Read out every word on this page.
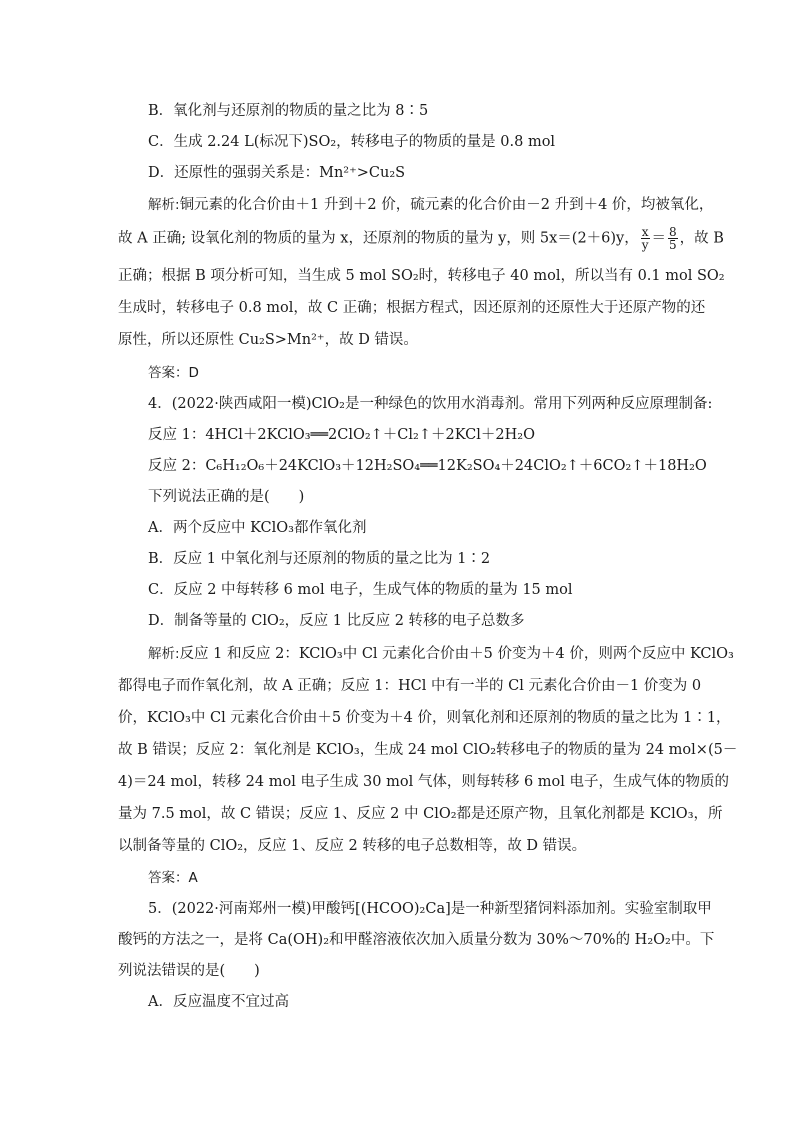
B．氧化剂与还原剂的物质的量之比为 8∶5
C．生成 2.24 L(标况下)SO₂，转移电子的物质的量是 0.8 mol
D．还原性的强弱关系是：Mn²⁺>Cu₂S
解析:铜元素的化合价由＋1 升到＋2 价，硫元素的化合价由－2 升到＋4 价，均被氧化，
故 A 正确; 设氧化剂的物质的量为 x，还原剂的物质的量为 y，则 5x＝(2＋6)y， $\frac{x}{y} = \frac{8}{5}$ ，故 B
正确；根据 B 项分析可知，当生成 5 mol SO₂时，转移电子 40 mol，所以当有 0.1 mol SO₂
生成时，转移电子 0.8 mol，故 C 正确；根据方程式，因还原剂的还原性大于还原产物的还
原性，所以还原性 Cu₂S>Mn²⁺，故 D 错误。
答案：D
4．(2022·陕西咸阳一模)ClO₂是一种绿色的饮用水消毒剂。常用下列两种反应原理制备:
反应 1：4HCl＋2KClO₃══2ClO₂↑＋Cl₂↑＋2KCl＋2H₂O
反应 2：C₆H₁₂O₆＋24KClO₃＋12H₂SO₄══12K₂SO₄＋24ClO₂↑＋6CO₂↑＋18H₂O
下列说法正确的是(　　)
A．两个反应中 KClO₃都作氧化剂
B．反应 1 中氧化剂与还原剂的物质的量之比为 1∶2
C．反应 2 中每转移 6 mol 电子，生成气体的物质的量为 15 mol
D．制备等量的 ClO₂，反应 1 比反应 2 转移的电子总数多
解析:反应 1 和反应 2：KClO₃中 Cl 元素化合价由＋5 价变为＋4 价，则两个反应中 KClO₃
都得电子而作氧化剂，故 A 正确；反应 1：HCl 中有一半的 Cl 元素化合价由－1 价变为 0
价，KClO₃中 Cl 元素化合价由＋5 价变为＋4 价，则氧化剂和还原剂的物质的量之比为 1∶1，
故 B 错误；反应 2：氧化剂是 KClO₃，生成 24 mol ClO₂转移电子的物质的量为 24 mol×(5－
4)＝24 mol，转移 24 mol 电子生成 30 mol 气体，则每转移 6 mol 电子，生成气体的物质的
量为 7.5 mol，故 C 错误；反应 1、反应 2 中 ClO₂都是还原产物，且氧化剂都是 KClO₃，所
以制备等量的 ClO₂，反应 1、反应 2 转移的电子总数相等，故 D 错误。
答案：A
5．(2022·河南郑州一模)甲酸钙[(HCOO)₂Ca]是一种新型猪饲料添加剂。实验室制取甲
酸钙的方法之一，是将 Ca(OH)₂和甲醛溶液依次加入质量分数为 30%～70%的 H₂O₂中。下
列说法错误的是(　　)
A．反应温度不宜过高
